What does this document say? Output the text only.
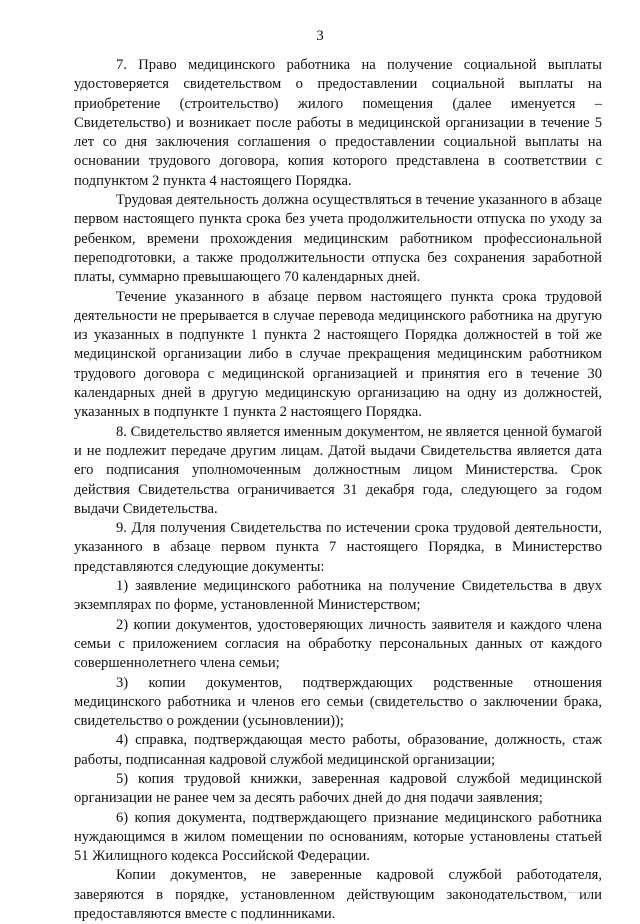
3

7. Право медицинского работника на получение социальной выплаты удостоверяется свидетельством о предоставлении социальной выплаты на приобретение (строительство) жилого помещения (далее именуется – Свидетельство) и возникает после работы в медицинской организации в течение 5 лет со дня заключения соглашения о предоставлении социальной выплаты на основании трудового договора, копия которого представлена в соответствии с подпунктом 2 пункта 4 настоящего Порядка.

Трудовая деятельность должна осуществляться в течение указанного в абзаце первом настоящего пункта срока без учета продолжительности отпуска по уходу за ребенком, времени прохождения медицинским работником профессиональной переподготовки, а также продолжительности отпуска без сохранения заработной платы, суммарно превышающего 70 календарных дней.

Течение указанного в абзаце первом настоящего пункта срока трудовой деятельности не прерывается в случае перевода медицинского работника на другую из указанных в подпункте 1 пункта 2 настоящего Порядка должностей в той же медицинской организации либо в случае прекращения медицинским работником трудового договора с медицинской организацией и принятия его в течение 30 календарных дней в другую медицинскую организацию на одну из должностей, указанных в подпункте 1 пункта 2 настоящего Порядка.

8. Свидетельство является именным документом, не является ценной бумагой и не подлежит передаче другим лицам. Датой выдачи Свидетельства является дата его подписания уполномоченным должностным лицом Министерства. Срок действия Свидетельства ограничивается 31 декабря года, следующего за годом выдачи Свидетельства.

9. Для получения Свидетельства по истечении срока трудовой деятельности, указанного в абзаце первом пункта 7 настоящего Порядка, в Министерство представляются следующие документы:

1) заявление медицинского работника на получение Свидетельства в двух экземплярах по форме, установленной Министерством;

2) копии документов, удостоверяющих личность заявителя и каждого члена семьи с приложением согласия на обработку персональных данных от каждого совершеннолетнего члена семьи;

3) копии документов, подтверждающих родственные отношения медицинского работника и членов его семьи (свидетельство о заключении брака, свидетельство о рождении (усыновлении));

4) справка, подтверждающая место работы, образование, должность, стаж работы, подписанная кадровой службой медицинской организации;

5) копия трудовой книжки, заверенная кадровой службой медицинской организации не ранее чем за десять рабочих дней до дня подачи заявления;

6) копия документа, подтверждающего признание медицинского работника нуждающимся в жилом помещении по основаниям, которые установлены статьей 51 Жилищного кодекса Российской Федерации.

Копии документов, не заверенные кадровой службой работодателя, заверяются в порядке, установленном действующим законодательством, или предоставляются вместе с подлинниками.
